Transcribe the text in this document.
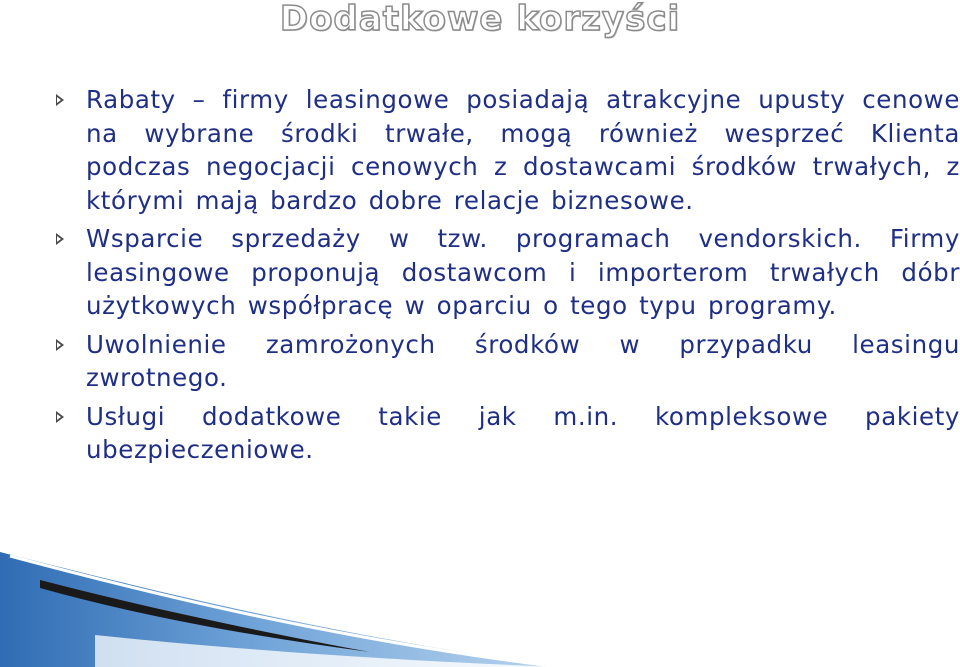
Dodatkowe korzyści
Rabaty – firmy leasingowe posiadają atrakcyjne upusty cenowe na wybrane środki trwałe, mogą również wesprzeć Klienta podczas negocjacji cenowych z dostawcami środków trwałych, z którymi mają bardzo dobre relacje biznesowe.
Wsparcie sprzedaży w tzw. programach vendorskich. Firmy leasingowe proponują dostawcom i importerom trwałych dóbr użytkowych współpracę w oparciu o tego typu programy.
Uwolnienie zamrożonych środków w przypadku leasingu zwrotnego.
Usługi dodatkowe takie jak m.in. kompleksowe pakiety ubezpieczeniowe.
